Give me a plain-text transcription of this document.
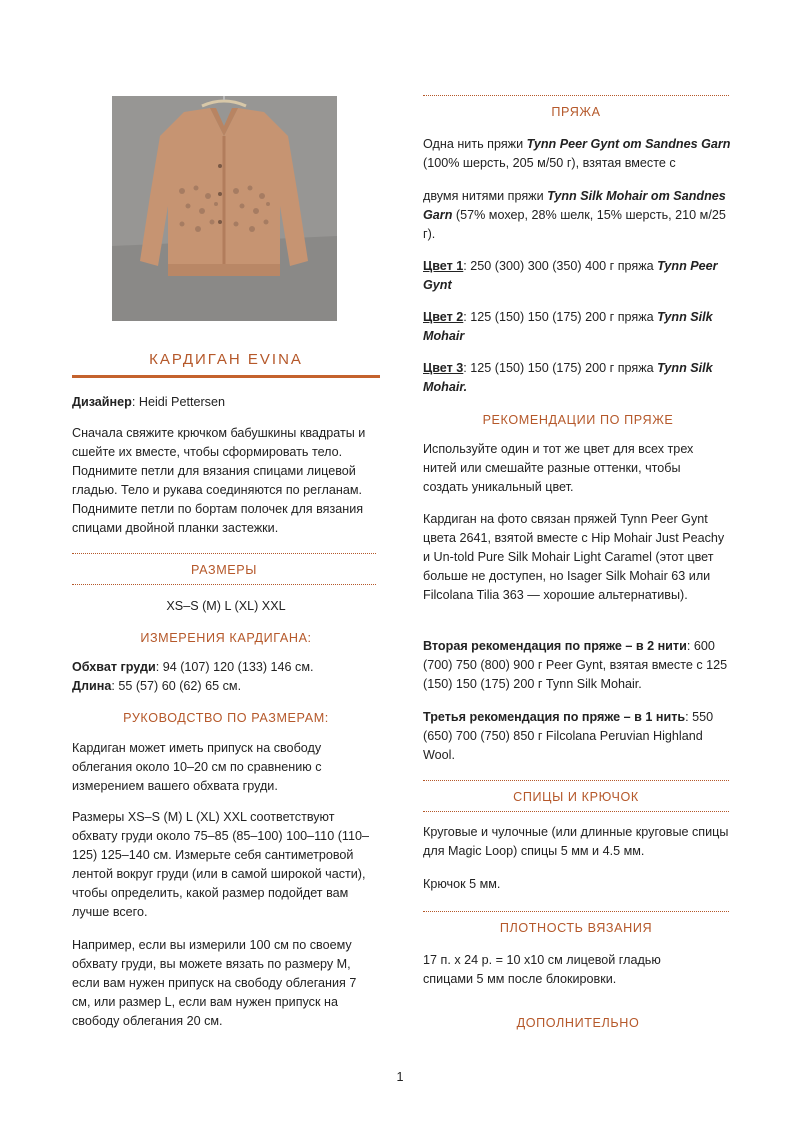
КАРДИГАН EVINA

Дизайнер: Heidi Pettersen

Сначала свяжите крючком бабушкины квадраты и сшейте их вместе, чтобы сформировать тело. Поднимите петли для вязания спицами лицевой гладью. Тело и рукава соединяются по регланам. Поднимите петли по бортам полочек для вязания спицами двойной планки застежки.

РАЗМЕРЫ

XS–S (M) L (XL) XXL

ИЗМЕРЕНИЯ КАРДИГАНА:

Обхват груди: 94 (107) 120 (133) 146 см.

Длина: 55 (57) 60 (62) 65 см.

РУКОВОДСТВО ПО РАЗМЕРАМ:

Кардиган может иметь припуск на свободу облегания около 10–20 см по сравнению с измерением вашего обхвата груди.

Размеры XS–S (M) L (XL) XXL соответствуют обхвату груди около 75–85 (85–100) 100–110 (110–125) 125–140 см. Измерьте себя сантиметровой лентой вокруг груди (или в самой широкой части), чтобы определить, какой размер подойдет вам лучше всего.

Например, если вы измерили 100 см по своему обхвату груди, вы можете вязать по размеру M, если вам нужен припуск на свободу облегания 7 см, или размер L, если вам нужен припуск на свободу облегания 20 см.

ПРЯЖА

Одна нить пряжи Tynn Peer Gynt om Sandnes Garn (100% шерсть, 205 м/50 г), взятая вместе с

двумя нитями пряжи Tynn Silk Mohair om Sandnes Garn (57% мохер, 28% шелк, 15% шерсть, 210 м/25 г).

Цвет 1: 250 (300) 300 (350) 400 г пряжа Tynn Peer Gynt

Цвет 2: 125 (150) 150 (175) 200 г пряжа Tynn Silk Mohair

Цвет 3: 125 (150) 150 (175) 200 г пряжа Tynn Silk Mohair.

РЕКОМЕНДАЦИИ ПО ПРЯЖЕ

Используйте один и тот же цвет для всех трех нитей или смешайте разные оттенки, чтобы создать уникальный цвет.

Кардиган на фото связан пряжей Tynn Peer Gynt цвета 2641, взятой вместе с Hip Mohair Just Peachy и Un-told Pure Silk Mohair Light Caramel (этот цвет больше не доступен, но Isager Silk Mohair 63 или Filcolana Tilia 363 — хорошие альтернативы).

Вторая рекомендация по пряже – в 2 нити: 600 (700) 750 (800) 900 г Peer Gynt, взятая вместе с 125 (150) 150 (175) 200 г Tynn Silk Mohair.

Третья рекомендация по пряже – в 1 нить: 550 (650) 700 (750) 850 г Filcolana Peruvian Highland Wool.

СПИЦЫ И КРЮЧОК

Круговые и чулочные (или длинные круговые спицы для Magic Loop) спицы 5 мм и 4.5 мм.

Крючок 5 мм.

ПЛОТНОСТЬ ВЯЗАНИЯ

17 п. x 24 р. = 10 x10 см лицевой гладью спицами 5 мм после блокировки.

ДОПОЛНИТЕЛЬНО
1
